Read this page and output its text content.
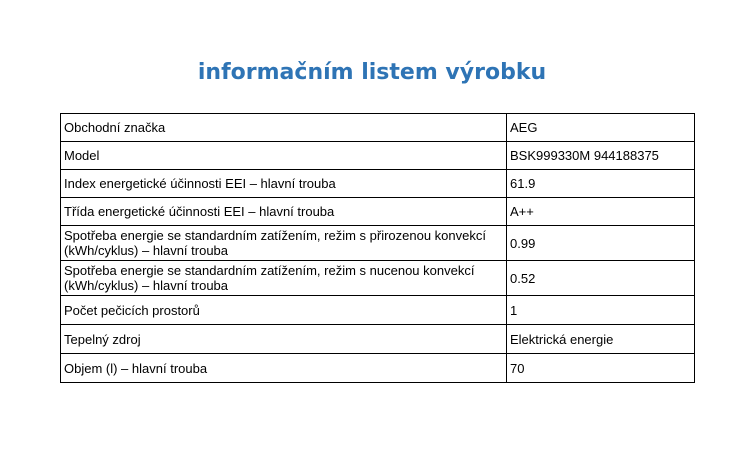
informačním listem výrobku
Obchodní značka	AEG
Model	BSK999330M 944188375
Index energetické účinnosti EEI – hlavní trouba	61.9
Třída energetické účinnosti EEI – hlavní trouba	A++
Spotřeba energie se standardním zatížením, režim s přirozenou konvekcí (kWh/cyklus) – hlavní trouba	0.99
Spotřeba energie se standardním zatížením, režim s nucenou konvekcí (kWh/cyklus) – hlavní trouba	0.52
Počet pečicích prostorů	1
Tepelný zdroj	Elektrická energie
Objem (l) – hlavní trouba	70
